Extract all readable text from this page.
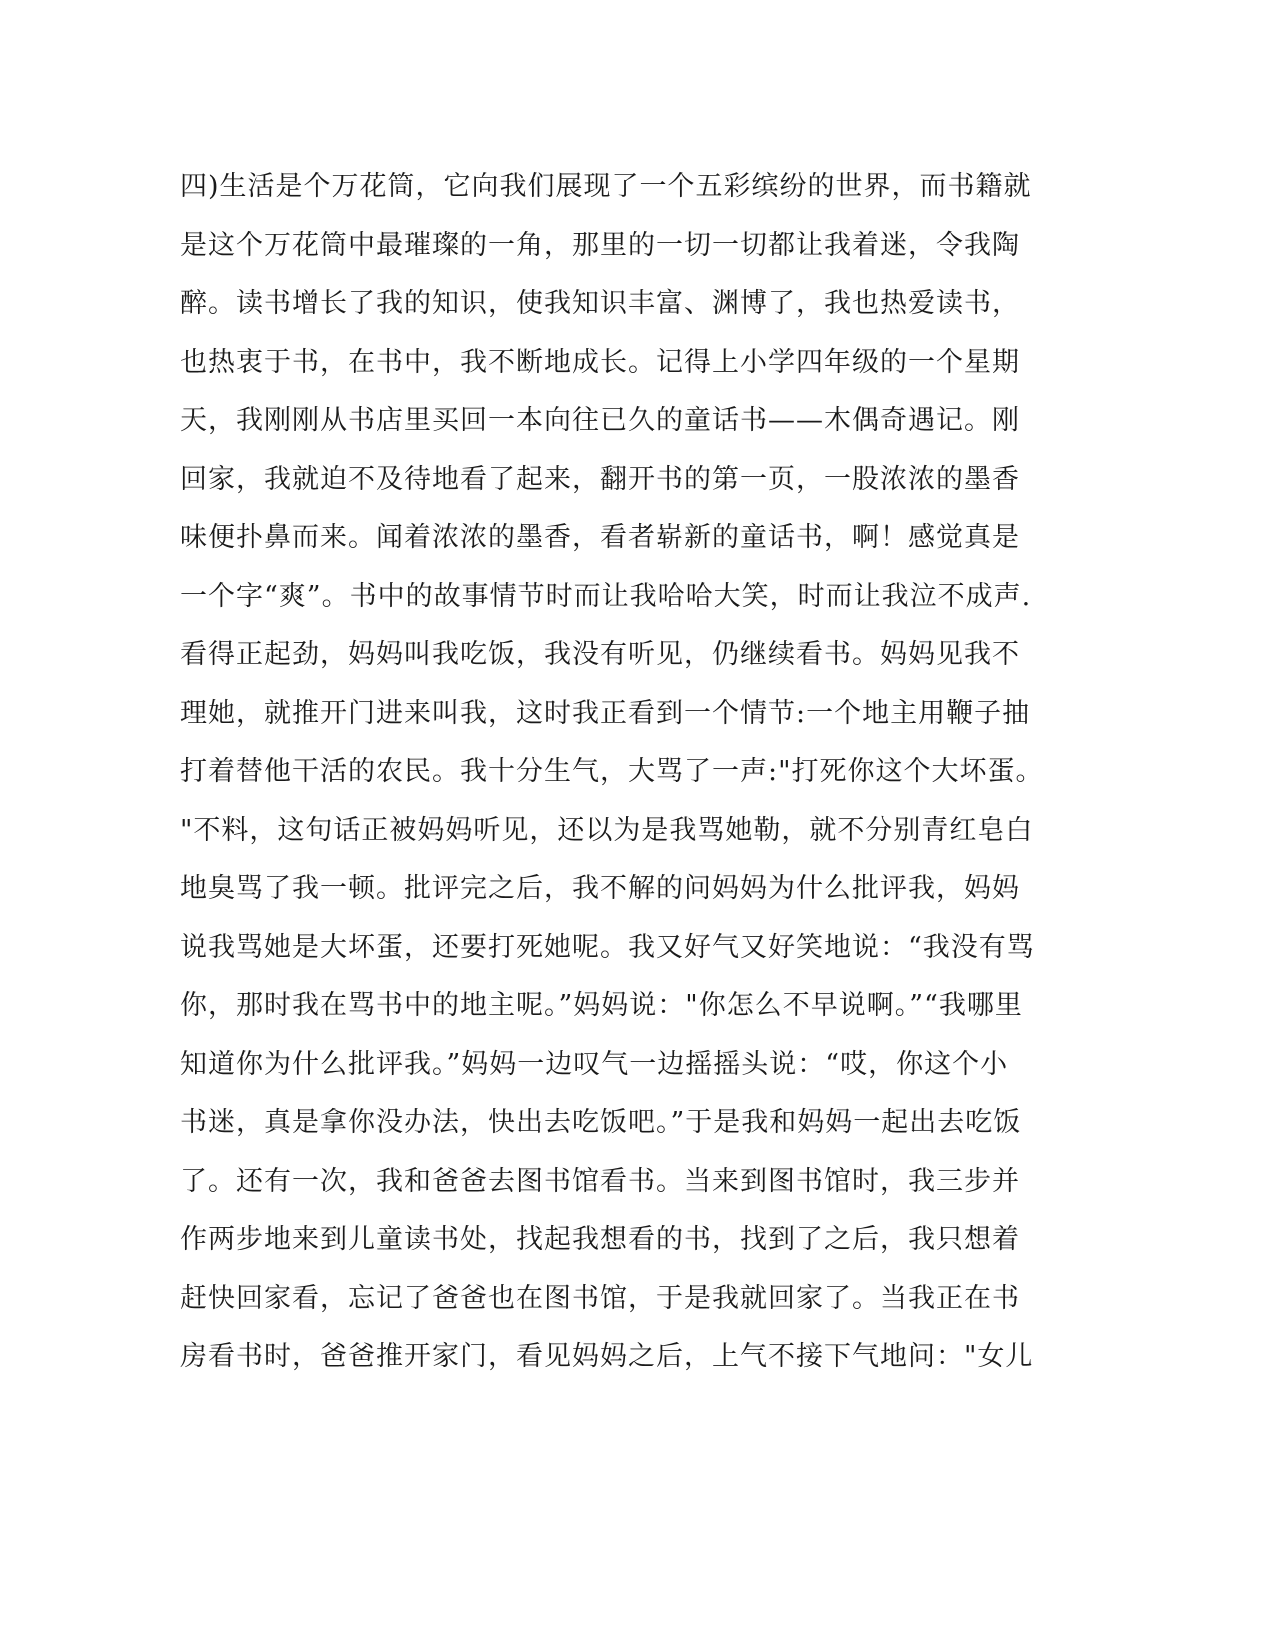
四)生活是个万花筒，它向我们展现了一个五彩缤纷的世界，而书籍就
是这个万花筒中最璀璨的一角，那里的一切一切都让我着迷，令我陶
醉。读书增长了我的知识，使我知识丰富、渊博了，我也热爱读书，
也热衷于书，在书中，我不断地成长。记得上小学四年级的一个星期
天，我刚刚从书店里买回一本向往已久的童话书——木偶奇遇记。刚
回家，我就迫不及待地看了起来，翻开书的第一页，一股浓浓的墨香
味便扑鼻而来。闻着浓浓的墨香，看者崭新的童话书，啊！感觉真是
一个字“爽”。书中的故事情节时而让我哈哈大笑，时而让我泣不成声.
看得正起劲，妈妈叫我吃饭，我没有听见，仍继续看书。妈妈见我不
理她，就推开门进来叫我，这时我正看到一个情节:一个地主用鞭子抽
打着替他干活的农民。我十分生气，大骂了一声:"打死你这个大坏蛋。
"不料，这句话正被妈妈听见，还以为是我骂她勒，就不分别青红皂白
地臭骂了我一顿。批评完之后，我不解的问妈妈为什么批评我，妈妈
说我骂她是大坏蛋，还要打死她呢。我又好气又好笑地说：“我没有骂
你，那时我在骂书中的地主呢。”妈妈说："你怎么不早说啊。”“我哪里
知道你为什么批评我。”妈妈一边叹气一边摇摇头说：“哎，你这个小
书迷，真是拿你没办法，快出去吃饭吧。”于是我和妈妈一起出去吃饭
了。还有一次，我和爸爸去图书馆看书。当来到图书馆时，我三步并
作两步地来到儿童读书处，找起我想看的书，找到了之后，我只想着
赶快回家看，忘记了爸爸也在图书馆，于是我就回家了。当我正在书
房看书时，爸爸推开家门，看见妈妈之后，上气不接下气地问："女儿
